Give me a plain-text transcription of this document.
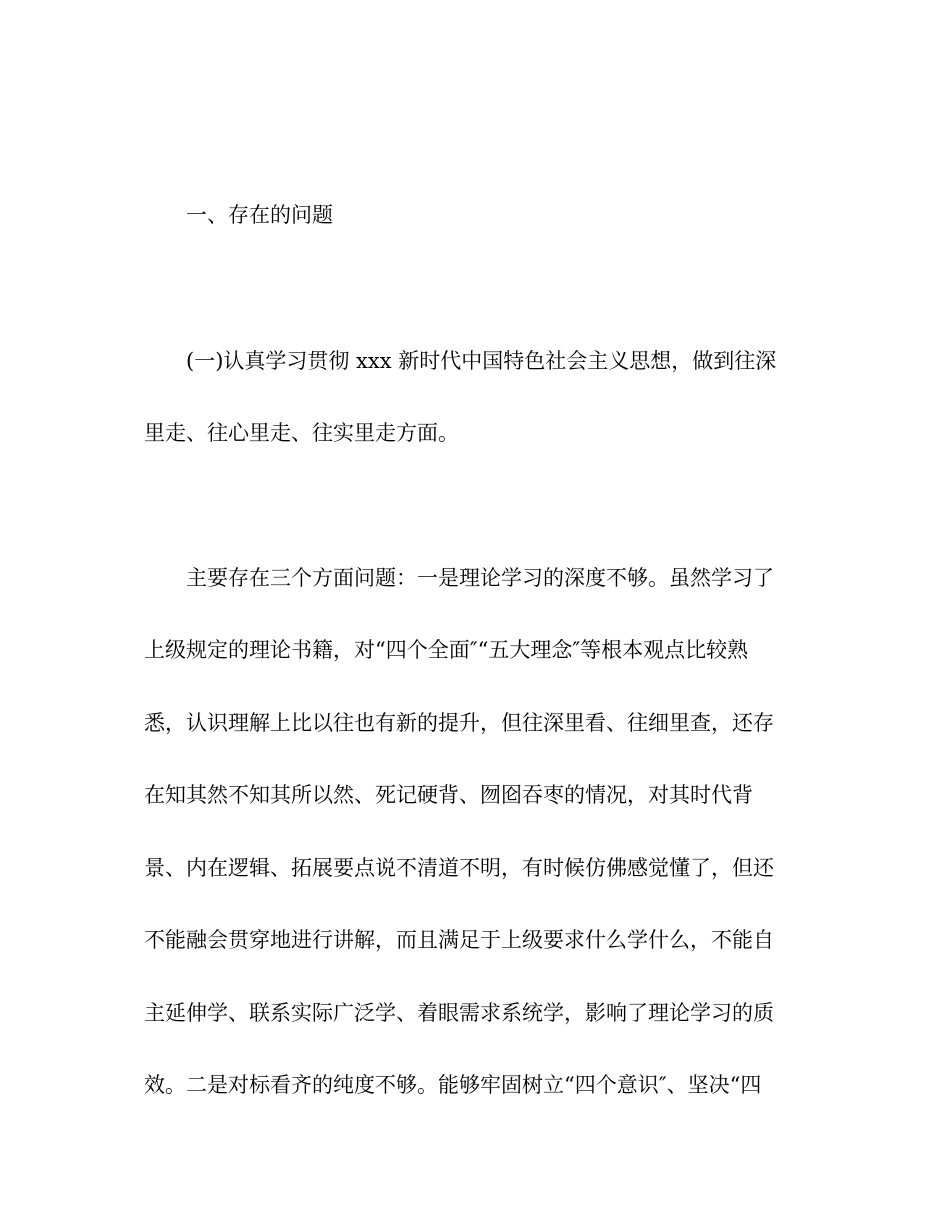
一、存在的问题
(一)认真学习贯彻 xxx 新时代中国特色社会主义思想，做到往深
里走、往心里走、往实里走方面。
主要存在三个方面问题：一是理论学习的深度不够。虽然学习了
上级规定的理论书籍，对“四个全面″“五大理念″等根本观点比较熟
悉，认识理解上比以往也有新的提升，但往深里看、往细里查，还存
在知其然不知其所以然、死记硬背、囫囵吞枣的情况，对其时代背
景、内在逻辑、拓展要点说不清道不明，有时候仿佛感觉懂了，但还
不能融会贯穿地进行讲解，而且满足于上级要求什么学什么，不能自
主延伸学、联系实际广泛学、着眼需求系统学，影响了理论学习的质
效。二是对标看齐的纯度不够。能够牢固树立“四个意识″、坚决“四
